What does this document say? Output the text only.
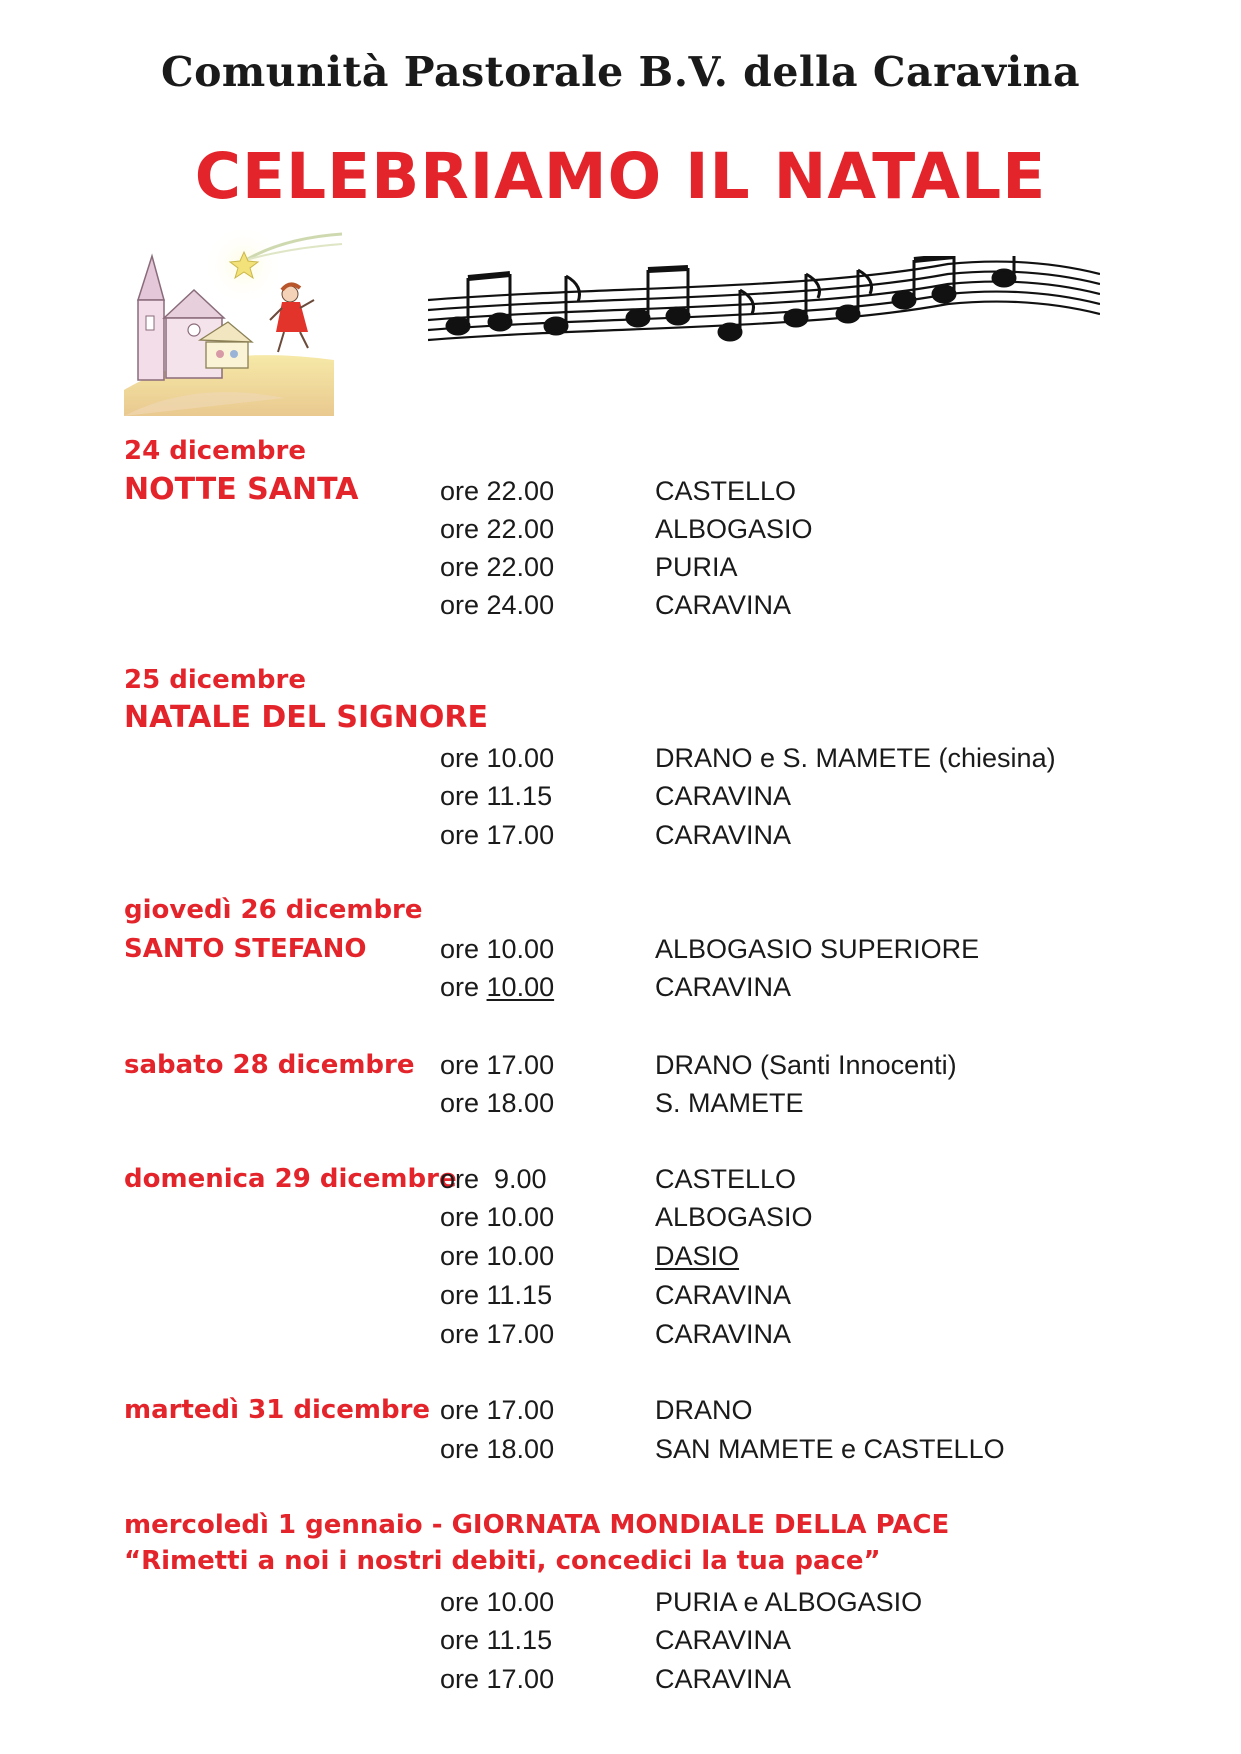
Comunità Pastorale B.V. della Caravina
CELEBRIAMO IL NATALE
24 dicembre
NOTTE SANTA	ore 22.00	CASTELLO
ore 22.00	ALBOGASIO
ore 22.00	PURIA
ore 24.00	CARAVINA
25 dicembre
NATALE DEL SIGNORE
ore 10.00	DRANO e S. MAMETE (chiesina)
ore 11.15	CARAVINA
ore 17.00	CARAVINA
giovedì 26 dicembre
SANTO STEFANO	ore 10.00	ALBOGASIO SUPERIORE
ore 10.00	CARAVINA
sabato 28 dicembre ore 17.00	DRANO (Santi Innocenti)
ore 18.00	S. MAMETE
domenica 29 dicembre
ore  9.00	CASTELLO
ore 10.00	ALBOGASIO
ore 10.00	DASIO
ore 11.15	CARAVINA
ore 17.00	CARAVINA
martedì 31 dicembre ore 17.00	DRANO
ore 18.00	SAN MAMETE e CASTELLO
mercoledì 1 gennaio - GIORNATA MONDIALE DELLA PACE
“Rimetti a noi i nostri debiti, concedici la tua pace”
ore 10.00	PURIA e ALBOGASIO
ore 11.15	CARAVINA
ore 17.00	CARAVINA
